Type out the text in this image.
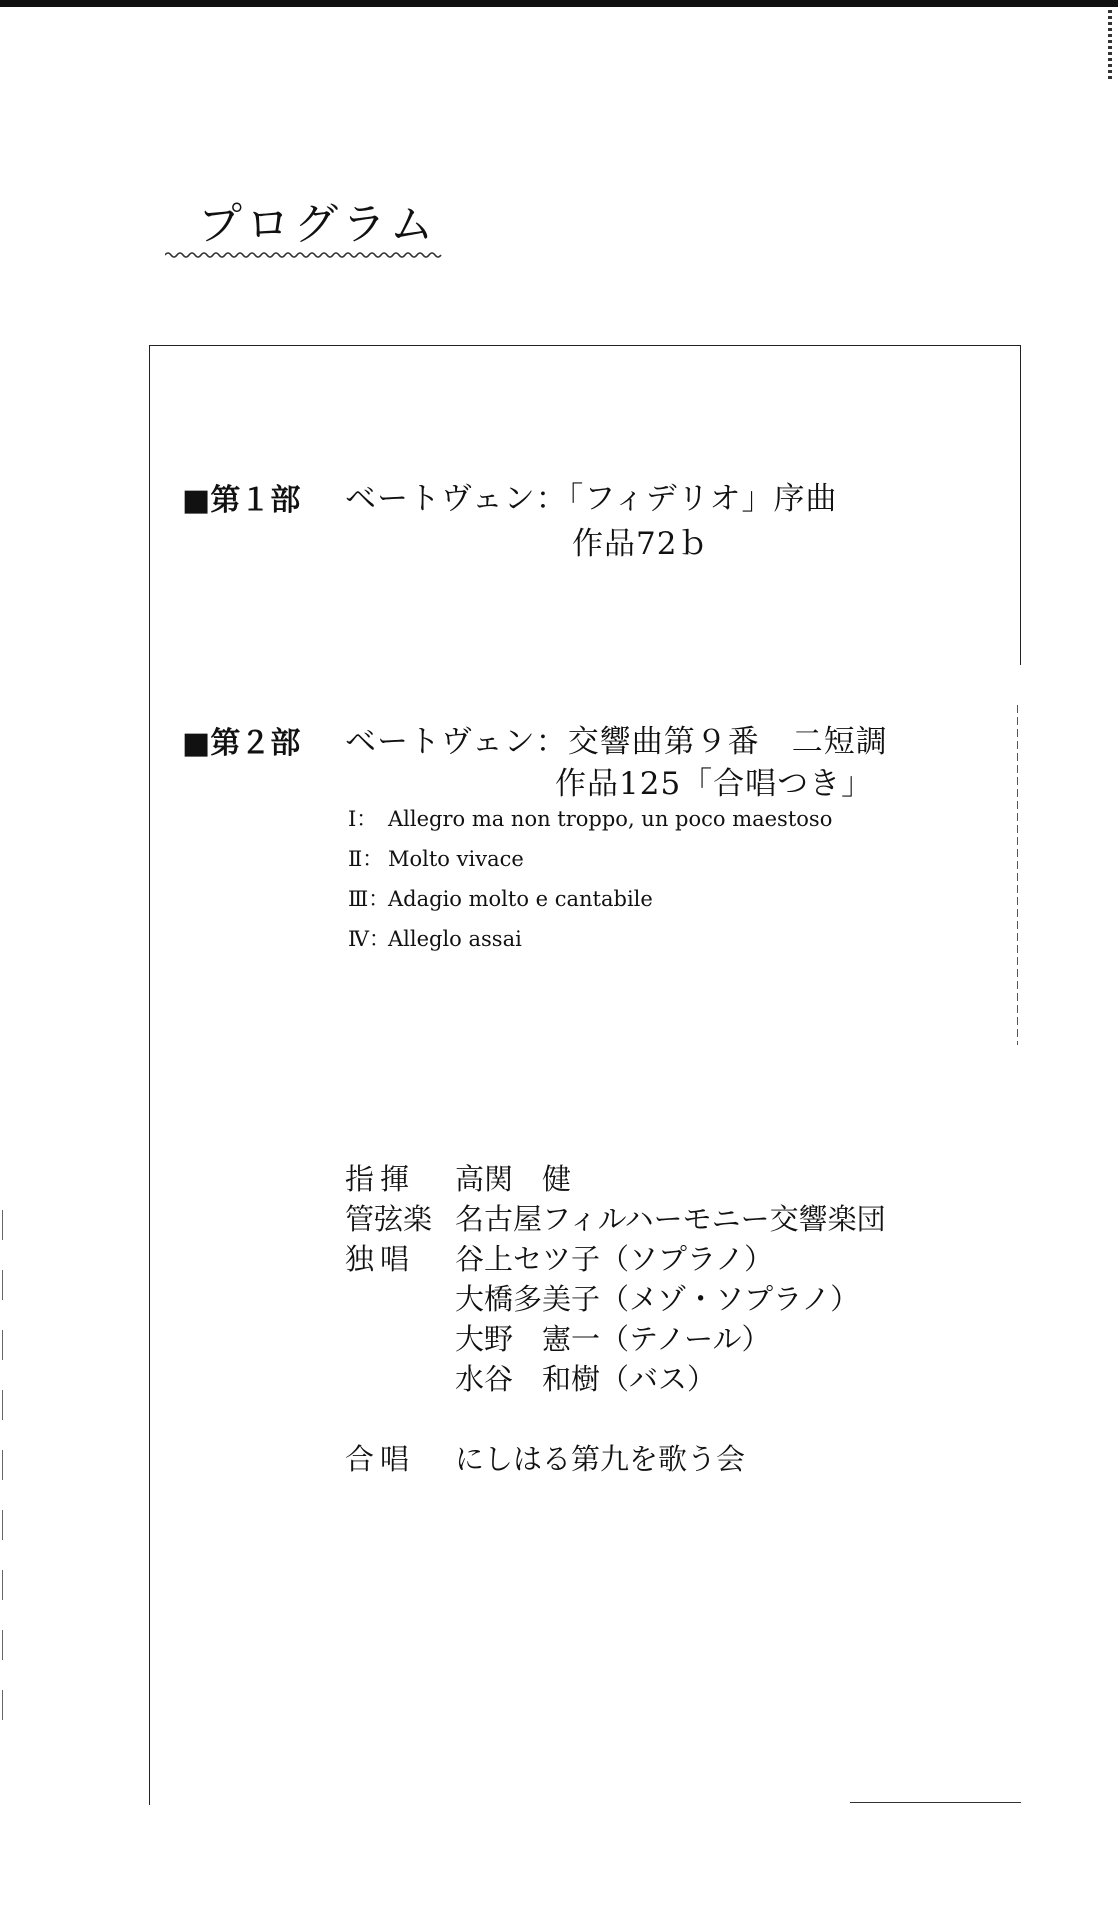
プログラム
■第１部 ベートヴェン：「フィデリオ」序曲
作品72ｂ
■第２部 ベートヴェン：交響曲第９番　二短調
作品125「合唱つき」
Ⅰ： Allegro ma non troppo, un poco maestoso
Ⅱ： Molto vivace
Ⅲ：Adagio molto e cantabile
Ⅳ：Alleglo assai
指揮 高関　健
管弦楽 名古屋フィルハーモニー交響楽団
独唱 谷上セツ子（ソプラノ）
大橋多美子（メゾ・ソプラノ）
大野　憲一（テノール）
水谷　和樹（バス）
合唱 にしはる第九を歌う会
